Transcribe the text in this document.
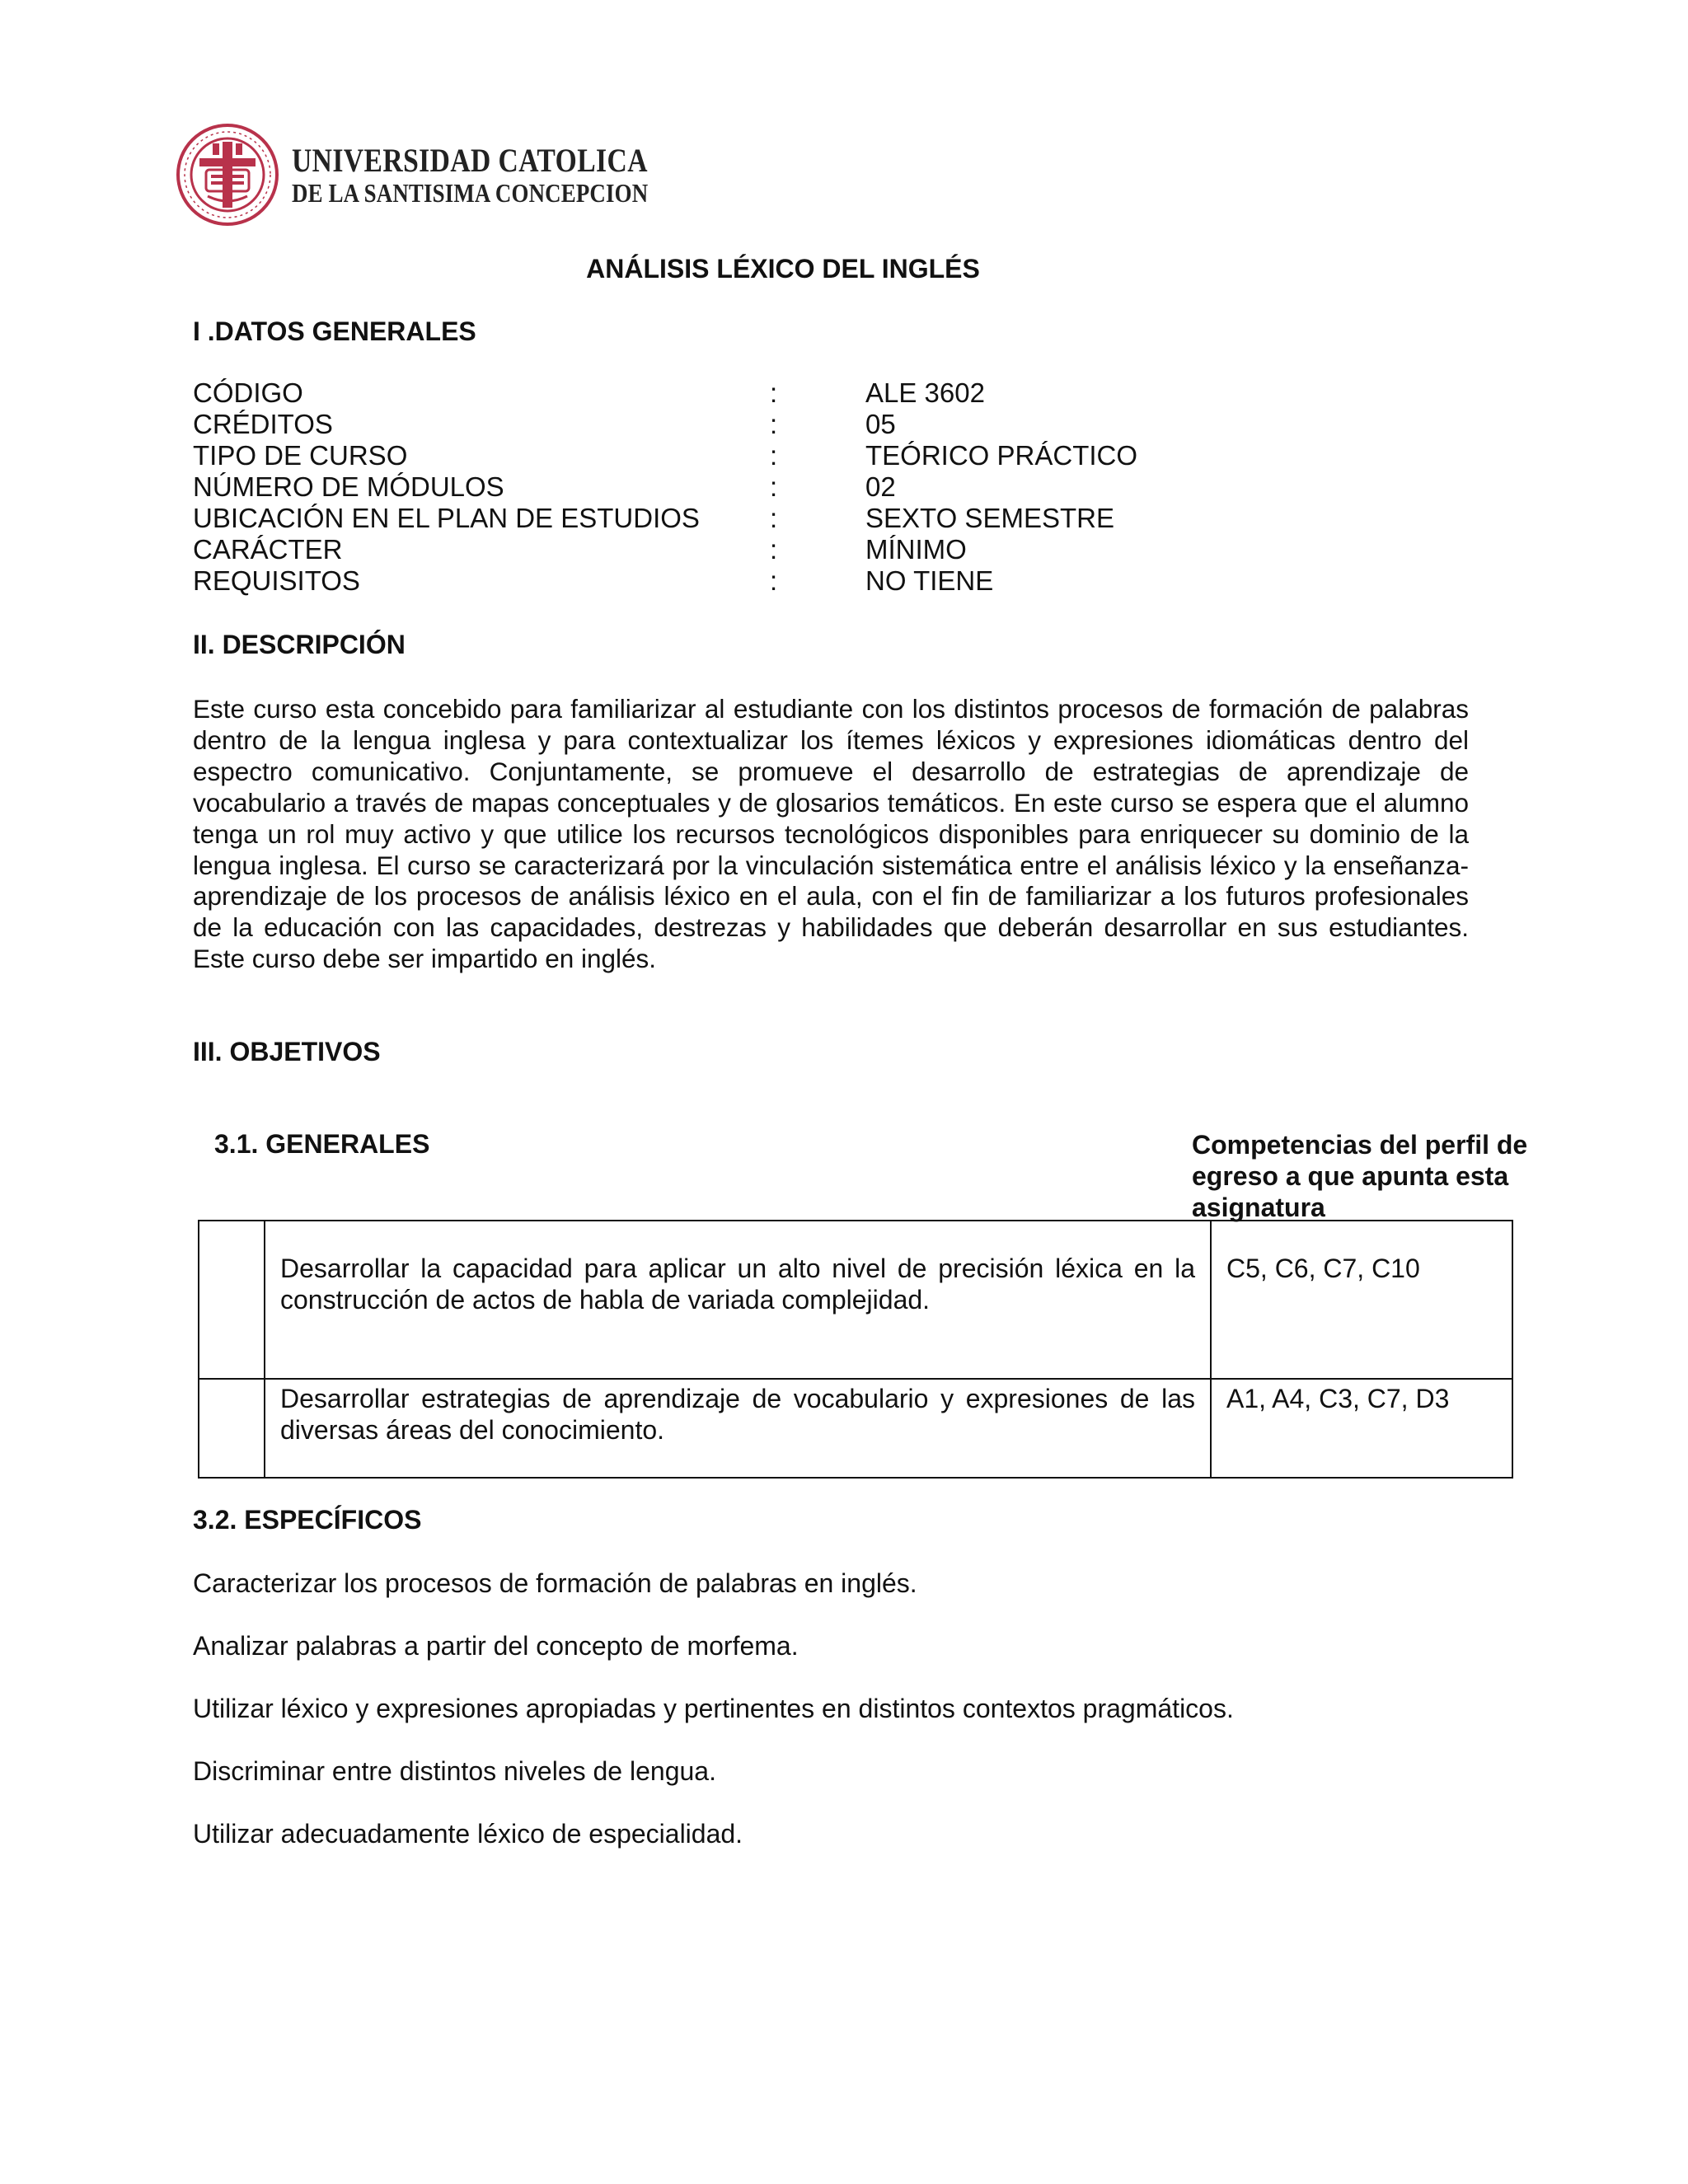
UNIVERSIDAD CATOLICA
DE LA SANTISIMA CONCEPCION
ANÁLISIS LÉXICO DEL INGLÉS
I .DATOS GENERALES
CÓDIGO	:	ALE 3602
CRÉDITOS	:	05
TIPO DE CURSO	:	TEÓRICO PRÁCTICO
NÚMERO DE MÓDULOS	:	02
UBICACIÓN EN EL PLAN DE ESTUDIOS	:	SEXTO SEMESTRE
CARÁCTER	:	MÍNIMO
REQUISITOS	:	NO TIENE
II. DESCRIPCIÓN

Este curso esta concebido para familiarizar al estudiante con los distintos procesos de formación de palabras dentro de la lengua inglesa y para contextualizar los ítemes léxicos y expresiones idiomáticas dentro del espectro comunicativo. Conjuntamente, se promueve el desarrollo de estrategias de aprendizaje de vocabulario a través de mapas conceptuales y de glosarios temáticos. En este curso se espera que el alumno tenga un rol muy activo y que utilice los recursos tecnológicos disponibles para enriquecer su dominio de la lengua inglesa. El curso se caracterizará por la vinculación sistemática entre el análisis léxico y la enseñanza-aprendizaje de los procesos de análisis léxico en el aula, con el fin de familiarizar a los futuros profesionales de la educación con las capacidades, destrezas y habilidades que deberán desarrollar en sus estudiantes. Este curso debe ser impartido en inglés.

III. OBJETIVOS
3.1. GENERALES	Competencias del perfil de egreso a que apunta esta asignatura

	Desarrollar la capacidad para aplicar un alto nivel de precisión léxica en la construcción de actos de habla de variada complejidad.	C5, C6, C7, C10
	Desarrollar estrategias de aprendizaje de vocabulario y expresiones de las diversas áreas del conocimiento.	A1, A4, C3, C7, D3
3.2. ESPECÍFICOS
Caracterizar los procesos de formación de palabras en inglés.
Analizar palabras a partir del concepto de morfema.
Utilizar léxico y expresiones apropiadas y pertinentes en distintos contextos pragmáticos.
Discriminar entre distintos niveles de lengua.
Utilizar adecuadamente léxico de especialidad.
